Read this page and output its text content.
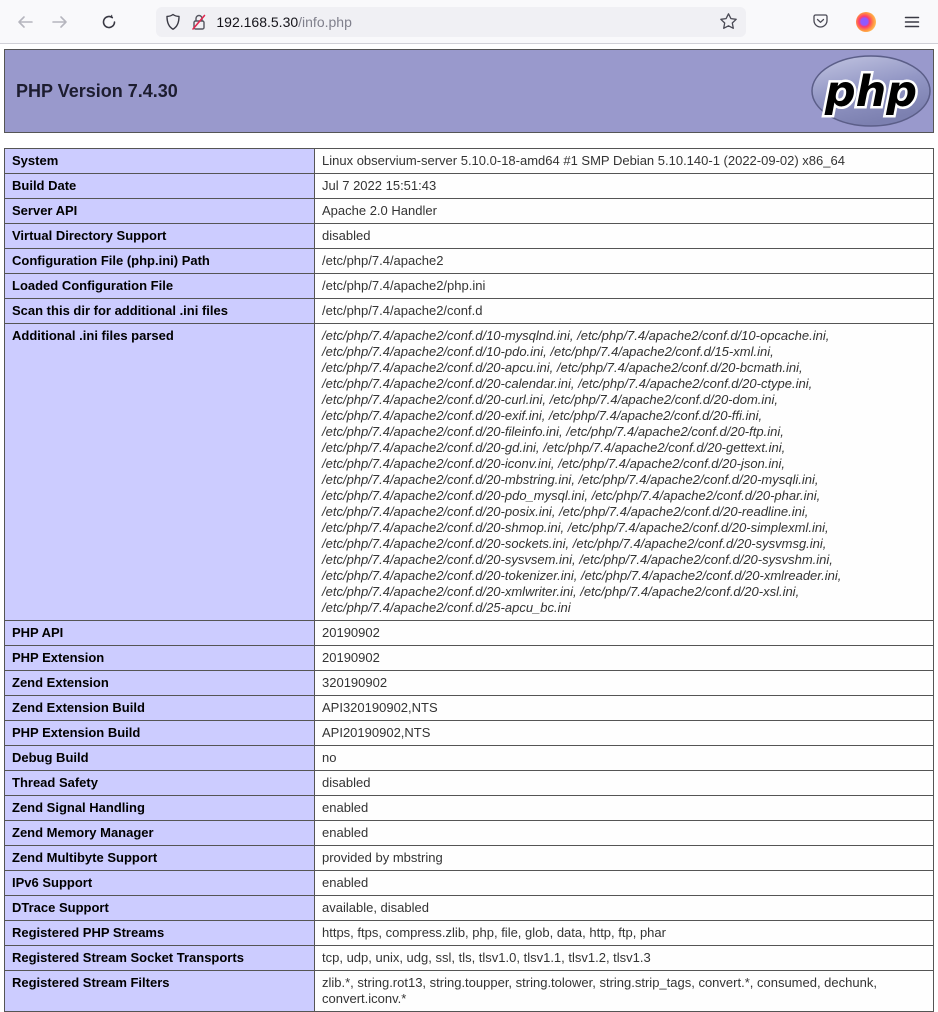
192.168.5.30/info.php
PHP Version 7.4.30	php
System	Linux observium-server 5.10.0-18-amd64 #1 SMP Debian 5.10.140-1 (2022-09-02) x86_64
Build Date	Jul 7 2022 15:51:43
Server API	Apache 2.0 Handler
Virtual Directory Support	disabled
Configuration File (php.ini) Path	/etc/php/7.4/apache2
Loaded Configuration File	/etc/php/7.4/apache2/php.ini
Scan this dir for additional .ini files	/etc/php/7.4/apache2/conf.d
Additional .ini files parsed	/etc/php/7.4/apache2/conf.d/10-mysqlnd.ini, /etc/php/7.4/apache2/conf.d/10-opcache.ini, /etc/php/7.4/apache2/conf.d/10-pdo.ini, /etc/php/7.4/apache2/conf.d/15-xml.ini, /etc/php/7.4/apache2/conf.d/20-apcu.ini, /etc/php/7.4/apache2/conf.d/20-bcmath.ini, /etc/php/7.4/apache2/conf.d/20-calendar.ini, /etc/php/7.4/apache2/conf.d/20-ctype.ini, /etc/php/7.4/apache2/conf.d/20-curl.ini, /etc/php/7.4/apache2/conf.d/20-dom.ini, /etc/php/7.4/apache2/conf.d/20-exif.ini, /etc/php/7.4/apache2/conf.d/20-ffi.ini, /etc/php/7.4/apache2/conf.d/20-fileinfo.ini, /etc/php/7.4/apache2/conf.d/20-ftp.ini, /etc/php/7.4/apache2/conf.d/20-gd.ini, /etc/php/7.4/apache2/conf.d/20-gettext.ini, /etc/php/7.4/apache2/conf.d/20-iconv.ini, /etc/php/7.4/apache2/conf.d/20-json.ini, /etc/php/7.4/apache2/conf.d/20-mbstring.ini, /etc/php/7.4/apache2/conf.d/20-mysqli.ini, /etc/php/7.4/apache2/conf.d/20-pdo_mysql.ini, /etc/php/7.4/apache2/conf.d/20-phar.ini, /etc/php/7.4/apache2/conf.d/20-posix.ini, /etc/php/7.4/apache2/conf.d/20-readline.ini, /etc/php/7.4/apache2/conf.d/20-shmop.ini, /etc/php/7.4/apache2/conf.d/20-simplexml.ini, /etc/php/7.4/apache2/conf.d/20-sockets.ini, /etc/php/7.4/apache2/conf.d/20-sysvmsg.ini, /etc/php/7.4/apache2/conf.d/20-sysvsem.ini, /etc/php/7.4/apache2/conf.d/20-sysvshm.ini, /etc/php/7.4/apache2/conf.d/20-tokenizer.ini, /etc/php/7.4/apache2/conf.d/20-xmlreader.ini, /etc/php/7.4/apache2/conf.d/20-xmlwriter.ini, /etc/php/7.4/apache2/conf.d/20-xsl.ini, /etc/php/7.4/apache2/conf.d/25-apcu_bc.ini
PHP API	20190902
PHP Extension	20190902
Zend Extension	320190902
Zend Extension Build	API320190902,NTS
PHP Extension Build	API20190902,NTS
Debug Build	no
Thread Safety	disabled
Zend Signal Handling	enabled
Zend Memory Manager	enabled
Zend Multibyte Support	provided by mbstring
IPv6 Support	enabled
DTrace Support	available, disabled
Registered PHP Streams	https, ftps, compress.zlib, php, file, glob, data, http, ftp, phar
Registered Stream Socket Transports	tcp, udp, unix, udg, ssl, tls, tlsv1.0, tlsv1.1, tlsv1.2, tlsv1.3
Registered Stream Filters	zlib.*, string.rot13, string.toupper, string.tolower, string.strip_tags, convert.*, consumed, dechunk, convert.iconv.*
